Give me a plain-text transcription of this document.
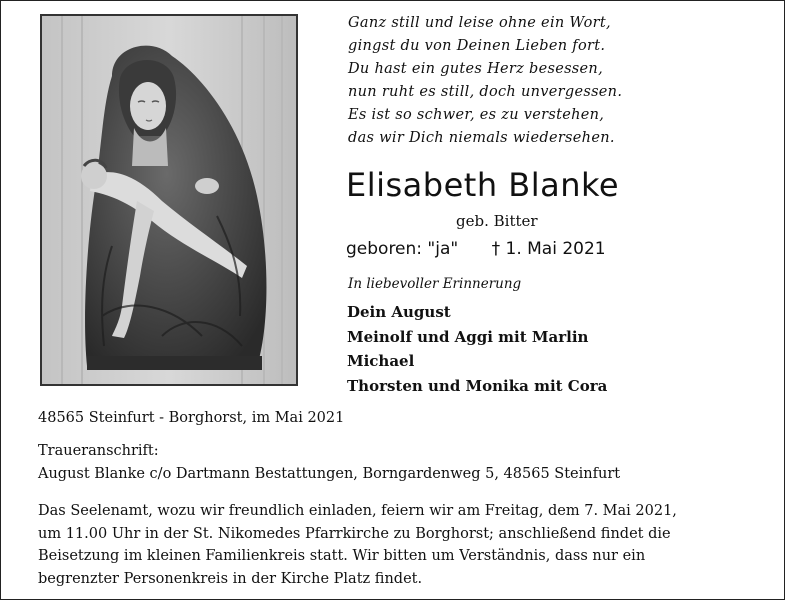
Ganz still und leise ohne ein Wort,
gingst du von Deinen Lieben fort.
Du hast ein gutes Herz besessen,
nun ruht es still, doch unvergessen.
Es ist so schwer, es zu verstehen,
das wir Dich niemals wiedersehen.
Elisabeth Blanke
geb. Bitter
geboren: "ja" † 1. Mai 2021
In liebevoller Erinnerung
Dein August
Meinolf und Aggi mit Marlin
Michael
Thorsten und Monika mit Cora
48565 Steinfurt - Borghorst, im Mai 2021
Traueranschrift:
August Blanke c/o Dartmann Bestattungen, Borngardenweg 5, 48565 Steinfurt
Das Seelenamt, wozu wir freundlich einladen, feiern wir am Freitag, dem 7. Mai 2021,
um 11.00 Uhr in der St. Nikomedes Pfarrkirche zu Borghorst; anschließend findet die
Beisetzung im kleinen Familienkreis statt. Wir bitten um Verständnis, dass nur ein
begrenzter Personenkreis in der Kirche Platz findet.
